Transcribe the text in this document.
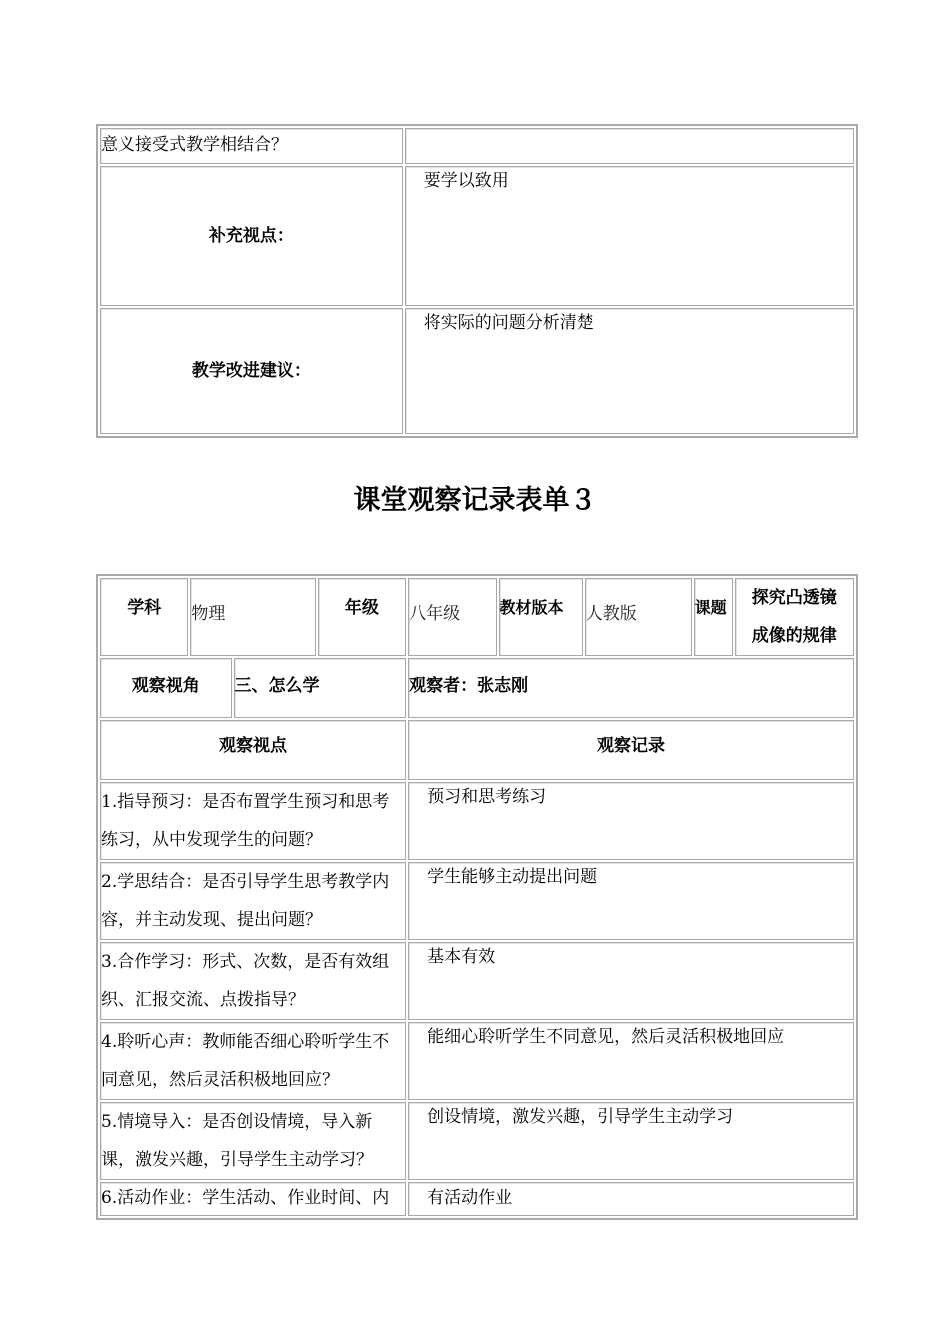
意义接受式教学相结合？	
补充视点：	要学以致用
教学改进建议：	将实际的问题分析清楚
课堂观察记录表单３
学科	物理		年级	八年级	教材版本	人教版	课题	探究凸透镜成像的规律
观察视角		三、怎么学		观察者：张志刚				
观察视点				观察记录				
1.指导预习：是否布置学生预习和思考练习，从中发现学生的问题？				预习和思考练习				
2.学思结合：是否引导学生思考教学内容，并主动发现、提出问题？				学生能够主动提出问题				
3.合作学习：形式、次数，是否有效组织、汇报交流、点拨指导？				基本有效				
4.聆听心声：教师能否细心聆听学生不同意见，然后灵活积极地回应？				能细心聆听学生不同意见，然后灵活积极地回应				
5.情境导入：是否创设情境，导入新课，激发兴趣，引导学生主动学习？				创设情境，激发兴趣，引导学生主动学习				
6.活动作业：学生活动、作业时间、内				有活动作业				
